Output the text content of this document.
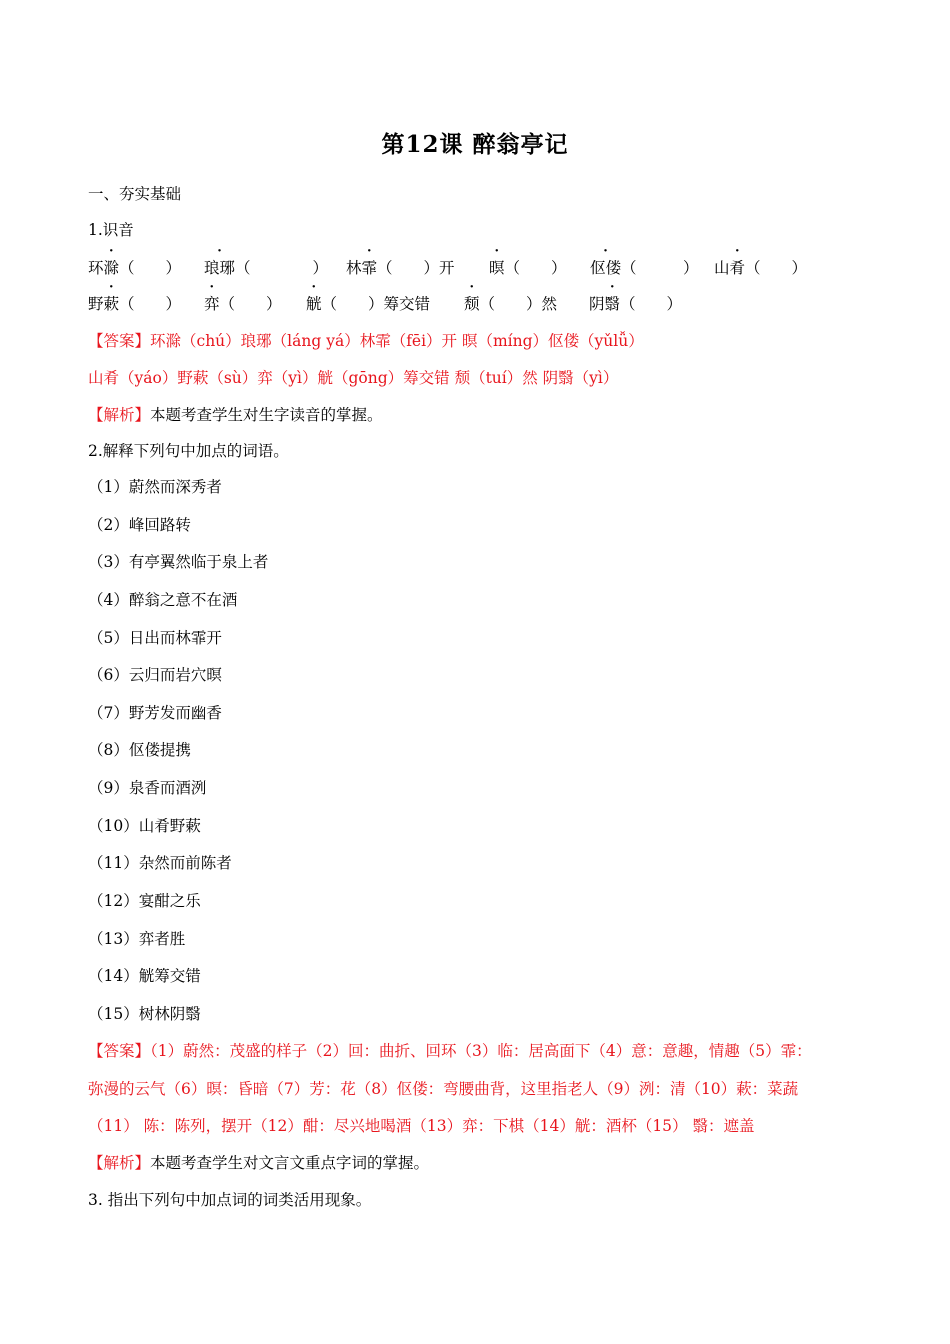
第12课 醉翁亭记
一、夯实基础
1.识音
环滁（　　） 琅琊（　　　　） 林霏（　　）开 暝（　　） 伛偻（　　　） 山肴（　　）
野蔌（　　） 弈（　　） 觥（　　）筹交错 颓（　　）然 阴翳（　　）
【答案】环滁（chú）琅琊（láng yá）林霏（fēi）开 暝（míng）伛偻（yǔlǚ）
山肴（yáo）野蔌（sù）弈（yì）觥（gōng）筹交错 颓（tuí）然 阴翳（yì）
【解析】本题考查学生对生字读音的掌握。
2.解释下列句中加点的词语。
（1）蔚然而深秀者
（2）峰回路转
（3）有亭翼然临于泉上者
（4）醉翁之意不在酒
（5）日出而林霏开
（6）云归而岩穴暝
（7）野芳发而幽香
（8）伛偻提携
（9）泉香而酒洌
（10）山肴野蔌
（11）杂然而前陈者
（12）宴酣之乐
（13）弈者胜
（14）觥筹交错
（15）树林阴翳
【答案】（1）蔚然：茂盛的样子（2）回：曲折、回环（3）临：居高面下（4）意：意趣，情趣（5）霏：
弥漫的云气（6）暝：昏暗（7）芳：花（8）伛偻：弯腰曲背，这里指老人（9）洌：清（10）蔌：菜蔬
（11） 陈：陈列，摆开（12）酣：尽兴地喝酒（13）弈：下棋（14）觥：酒杯（15） 翳：遮盖
【解析】本题考查学生对文言文重点字词的掌握。
3. 指出下列句中加点词的词类活用现象。
